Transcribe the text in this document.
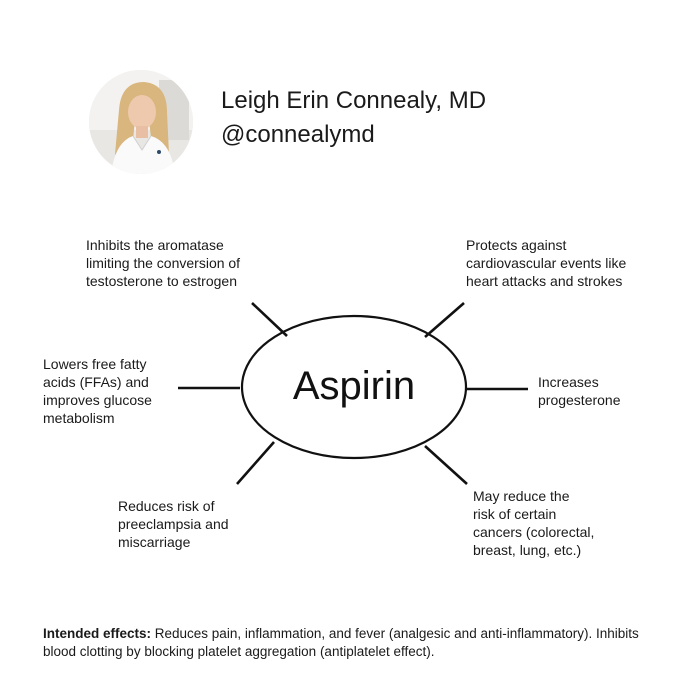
Leigh Erin Connealy, MD
@connealymd
Aspirin
Inhibits the aromatase
limiting the conversion of
testosterone to estrogen
Protects against
cardiovascular events like
heart attacks and strokes
Lowers free fatty
acids (FFAs) and
improves glucose
metabolism
Increases
progesterone
Reduces risk of
preeclampsia and
miscarriage
May reduce the
risk of certain
cancers (colorectal,
breast, lung, etc.)
Intended effects: Reduces pain, inflammation, and fever (analgesic and anti-inflammatory). Inhibits blood clotting by blocking platelet aggregation (antiplatelet effect).
